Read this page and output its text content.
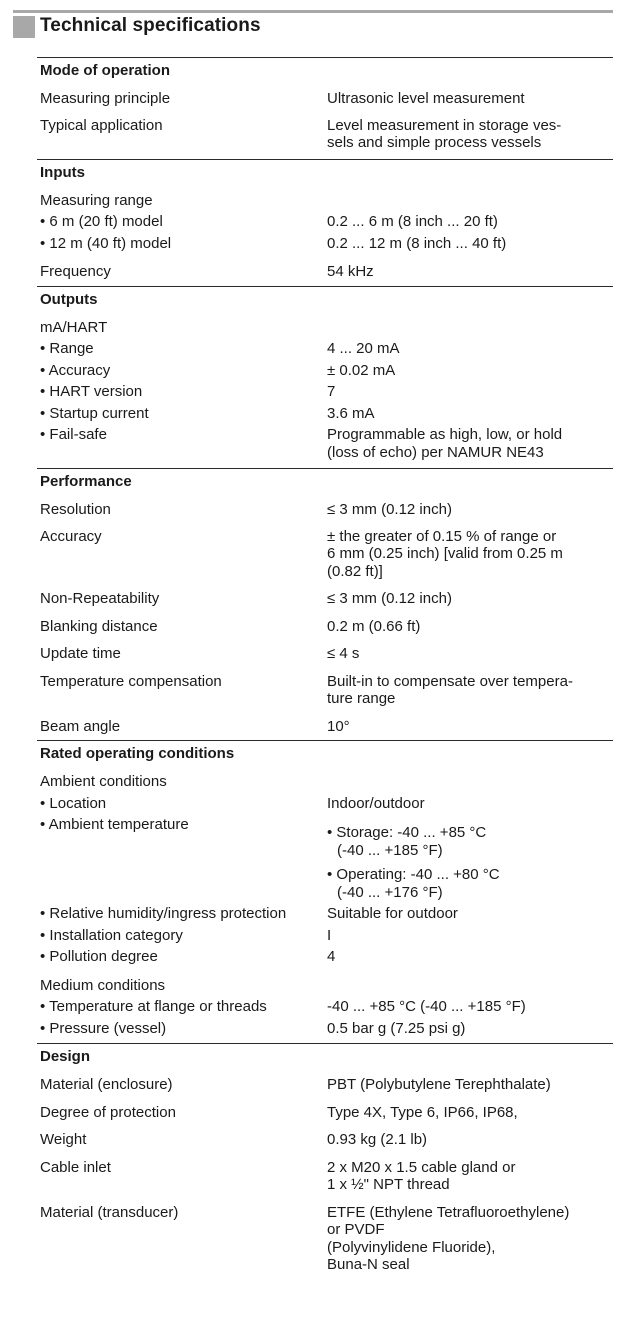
Technical specifications
Mode of operation
Measuring principle	Ultrasonic level measurement
Typical application	Level measurement in storage ves-
sels and simple process vessels
Inputs
Measuring range
• 6 m (20 ft) model	0.2 ... 6 m (8 inch ... 20 ft)
• 12 m (40 ft) model	0.2 ... 12 m (8 inch ... 40 ft)
Frequency	54 kHz
Outputs
mA/HART
• Range	4 ... 20 mA
• Accuracy	± 0.02 mA
• HART version	7
• Startup current	3.6 mA
• Fail-safe	Programmable as high, low, or hold
(loss of echo) per NAMUR NE43
Performance
Resolution	≤ 3 mm (0.12 inch)
Accuracy	± the greater of 0.15 % of range or
6 mm (0.25 inch) [valid from 0.25 m
(0.82 ft)]
Non-Repeatability	≤ 3 mm (0.12 inch)
Blanking distance	0.2 m (0.66 ft)
Update time	≤ 4 s
Temperature compensation	Built-in to compensate over tempera-
ture range
Beam angle	10°
Rated operating conditions
Ambient conditions
• Location	Indoor/outdoor
• Ambient temperature
•	Storage: -40 ... +85 °C
(-40 ... +185 °F)
• Operating: -40 ... +80 °C
(-40 ... +176 °F)
• Relative humidity/ingress protection	Suitable for outdoor
• Installation category	I
• Pollution degree	4
Medium conditions
• Temperature at flange or threads	-40 ... +85 °C (-40 ... +185 °F)
• Pressure (vessel)	0.5 bar g (7.25 psi g)
Design
Material (enclosure)	PBT (Polybutylene Terephthalate)
Degree of protection	Type 4X, Type 6, IP66, IP68,
Weight	0.93 kg (2.1 lb)
Cable inlet	2 x M20 x 1.5 cable gland or
1 x ½" NPT thread
Material (transducer)	ETFE (Ethylene Tetrafluoroethylene)
or PVDF
(Polyvinylidene Fluoride),
Buna-N seal
